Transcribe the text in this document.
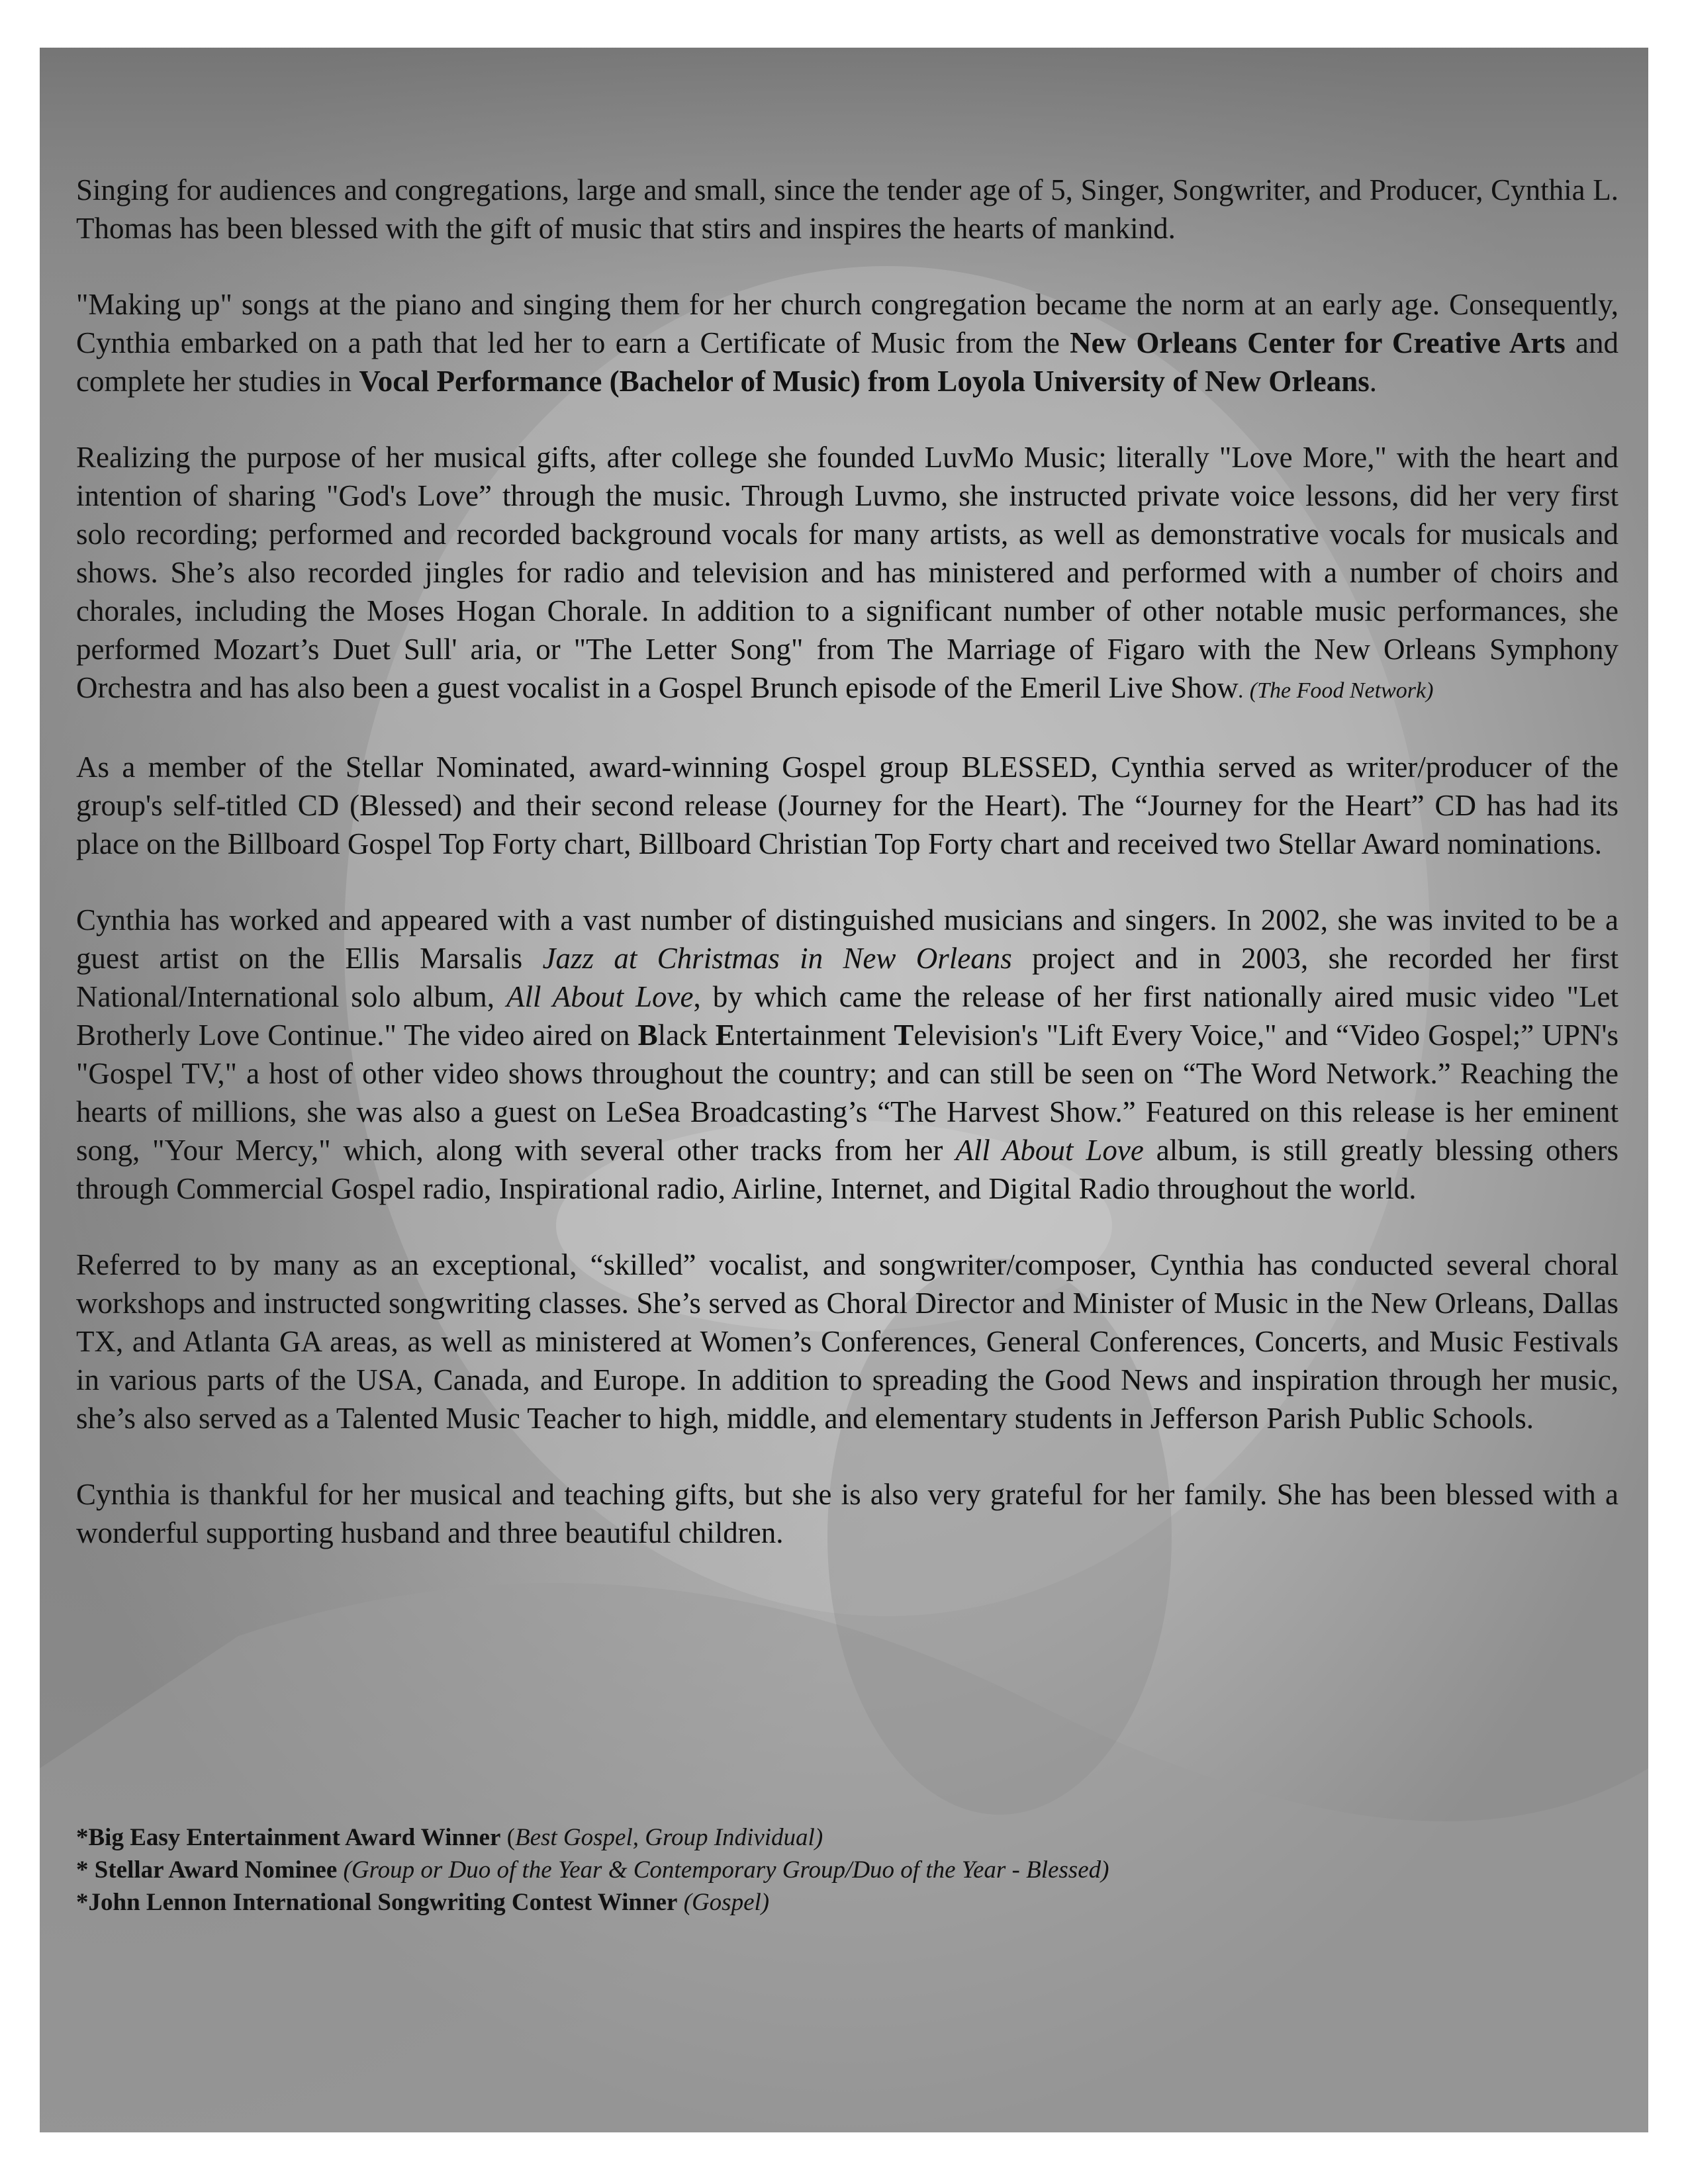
Singing for audiences and congregations, large and small, since the tender age of 5, Singer, Songwriter, and Producer, Cynthia L. Thomas has been blessed with the gift of music that stirs and inspires the hearts of mankind.

"Making up" songs at the piano and singing them for her church congregation became the norm at an early age. Consequently, Cynthia embarked on a path that led her to earn a Certificate of Music from the New Orleans Center for Creative Arts and complete her studies in Vocal Performance (Bachelor of Music) from Loyola University of New Orleans.

Realizing the purpose of her musical gifts, after college she founded LuvMo Music; literally "Love More," with the heart and intention of sharing "God's Love” through the music. Through Luvmo, she instructed private voice lessons, did her very first solo recording; performed and recorded background vocals for many artists, as well as demonstrative vocals for musicals and shows. She’s also recorded jingles for radio and television and has ministered and performed with a number of choirs and chorales, including the Moses Hogan Chorale. In addition to a significant number of other notable music performances, she performed Mozart’s Duet Sull' aria, or "The Letter Song" from The Marriage of Figaro with the New Orleans Symphony Orchestra and has also been a guest vocalist in a Gospel Brunch episode of the Emeril Live Show. (The Food Network)

As a member of the Stellar Nominated, award-winning Gospel group BLESSED, Cynthia served as writer/producer of the group's self-titled CD (Blessed) and their second release (Journey for the Heart). The “Journey for the Heart” CD has had its place on the Billboard Gospel Top Forty chart, Billboard Christian Top Forty chart and received two Stellar Award nominations.

Cynthia has worked and appeared with a vast number of distinguished musicians and singers. In 2002, she was invited to be a guest artist on the Ellis Marsalis Jazz at Christmas in New Orleans project and in 2003, she recorded her first National/International solo album, All About Love, by which came the release of her first nationally aired music video "Let Brotherly Love Continue." The video aired on Black Entertainment Television's "Lift Every Voice," and “Video Gospel;” UPN's "Gospel TV," a host of other video shows throughout the country; and can still be seen on “The Word Network.” Reaching the hearts of millions, she was also a guest on LeSea Broadcasting’s “The Harvest Show.” Featured on this release is her eminent song, "Your Mercy," which, along with several other tracks from her All About Love album, is still greatly blessing others through Commercial Gospel radio, Inspirational radio, Airline, Internet, and Digital Radio throughout the world.

Referred to by many as an exceptional, “skilled” vocalist, and songwriter/composer, Cynthia has conducted several choral workshops and instructed songwriting classes. She’s served as Choral Director and Minister of Music in the New Orleans, Dallas TX, and Atlanta GA areas, as well as ministered at Women’s Conferences, General Conferences, Concerts, and Music Festivals in various parts of the USA, Canada, and Europe. In addition to spreading the Good News and inspiration through her music, she’s also served as a Talented Music Teacher to high, middle, and elementary students in Jefferson Parish Public Schools.

Cynthia is thankful for her musical and teaching gifts, but she is also very grateful for her family. She has been blessed with a wonderful supporting husband and three beautiful children.

*Big Easy Entertainment Award Winner (Best Gospel, Group Individual)
* Stellar Award Nominee (Group or Duo of the Year & Contemporary Group/Duo of the Year - Blessed)
*John Lennon International Songwriting Contest Winner (Gospel)
